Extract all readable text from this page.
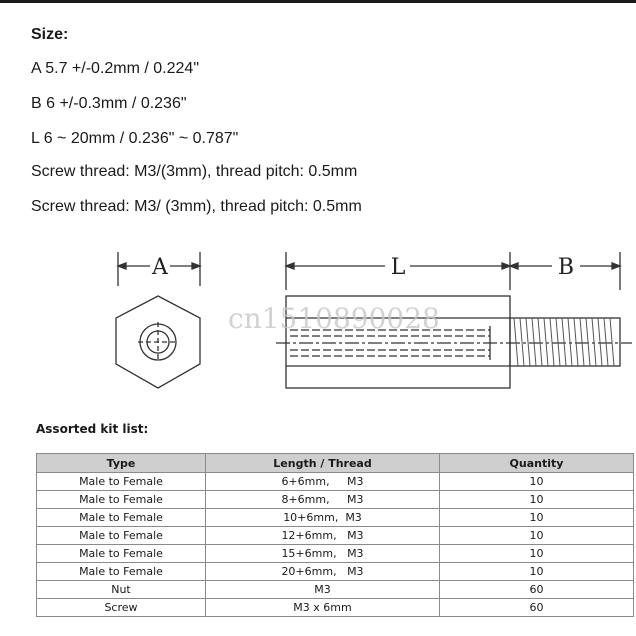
Size:
A 5.7 +/-0.2mm / 0.224"
B 6 +/-0.3mm / 0.236"
L 6 ~ 20mm / 0.236" ~ 0.787"
Screw thread: M3/(3mm), thread pitch: 0.5mm
Screw thread: M3/ (3mm), thread pitch: 0.5mm
A	L	B
cn1510890028
Assorted kit list:
Type	Length / Thread	Quantity
Male to Female	6+6mm,     M3	10
Male to Female	8+6mm,     M3	10
Male to Female	10+6mm,  M3	10
Male to Female	12+6mm,   M3	10
Male to Female	15+6mm,   M3	10
Male to Female	20+6mm,   M3	10
Nut	M3	60
Screw	M3 x 6mm	60
